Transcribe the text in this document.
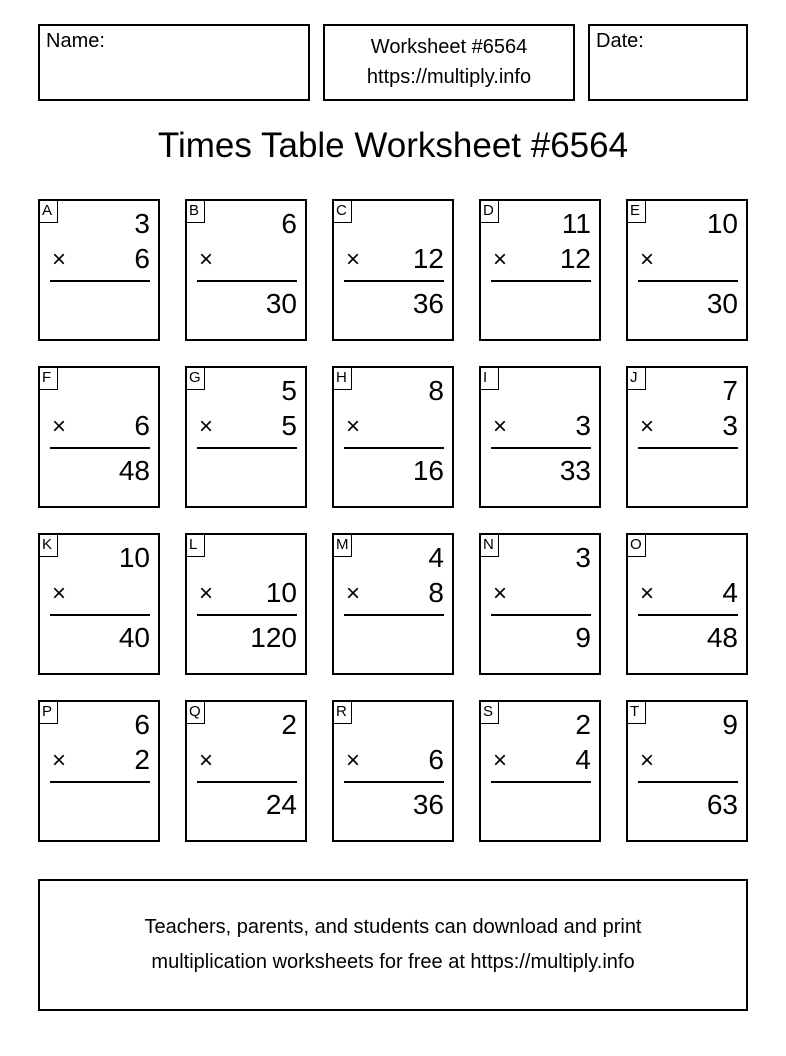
Name:	Worksheet #6564
https://multiply.info
Date:
Times Table Worksheet #6564
A	3
× 6
B	6
×
30
C
× 12
36
D 11
× 12
E 10
×
30
F
× 6
48
G	5
× 5
H	8
×
16
I
× 3
33
J	7
× 3
K 10
×
40
L
× 10
120
M	4
× 8
N	3
×
9
O
× 4
48
P	6
× 2
Q	2
×
24
R
× 6
36
S	2
× 4
T	9
×
63
Teachers, parents, and students can download and print
multiplication worksheets for free at https://multiply.info
